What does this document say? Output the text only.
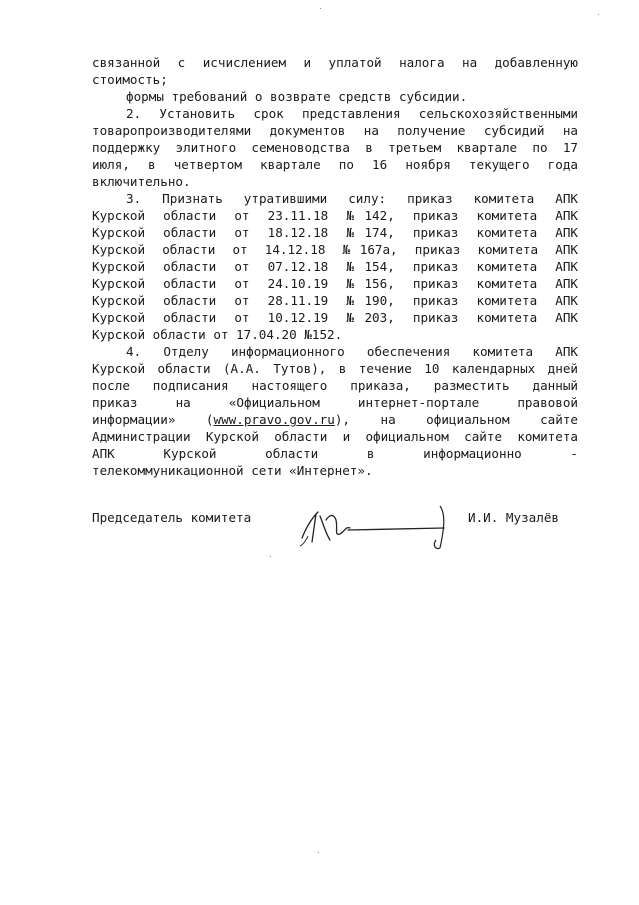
связанной с исчислением и уплатой налога на добавленную
стоимость;
формы требований о возврате средств субсидии.
2. Установить срок представления сельскохозяйственными
товаропроизводителями документов на получение субсидий на
поддержку элитного семеноводства в третьем квартале по 17
июля, в четвертом квартале по 16 ноября текущего года
включительно.
3. Признать утратившими силу: приказ комитета АПК
Курской области от 23.11.18 №142, приказ комитета АПК
Курской области от 18.12.18 №174, приказ комитета АПК
Курской области от 14.12.18 №167а, приказ комитета АПК
Курской области от 07.12.18 №154, приказ комитета АПК
Курской области от 24.10.19 №156, приказ комитета АПК
Курской области от 28.11.19 №190, приказ комитета АПК
Курской области от 10.12.19 №203, приказ комитета АПК
Курской области от 17.04.20 №152.
4. Отделу информационного обеспечения комитета АПК
Курской области (А.А. Тутов), в течение 10 календарных дней
после подписания настоящего приказа, разместить данный
приказ на «Официальном интернет-портале правовой
информации» (www.pravo.gov.ru), на официальном сайте
Администрации Курской области и официальном сайте комитета
АПК Курской области в информационно -
телекоммуникационной сети «Интернет».
Председатель комитета	И.И. Музалёв
